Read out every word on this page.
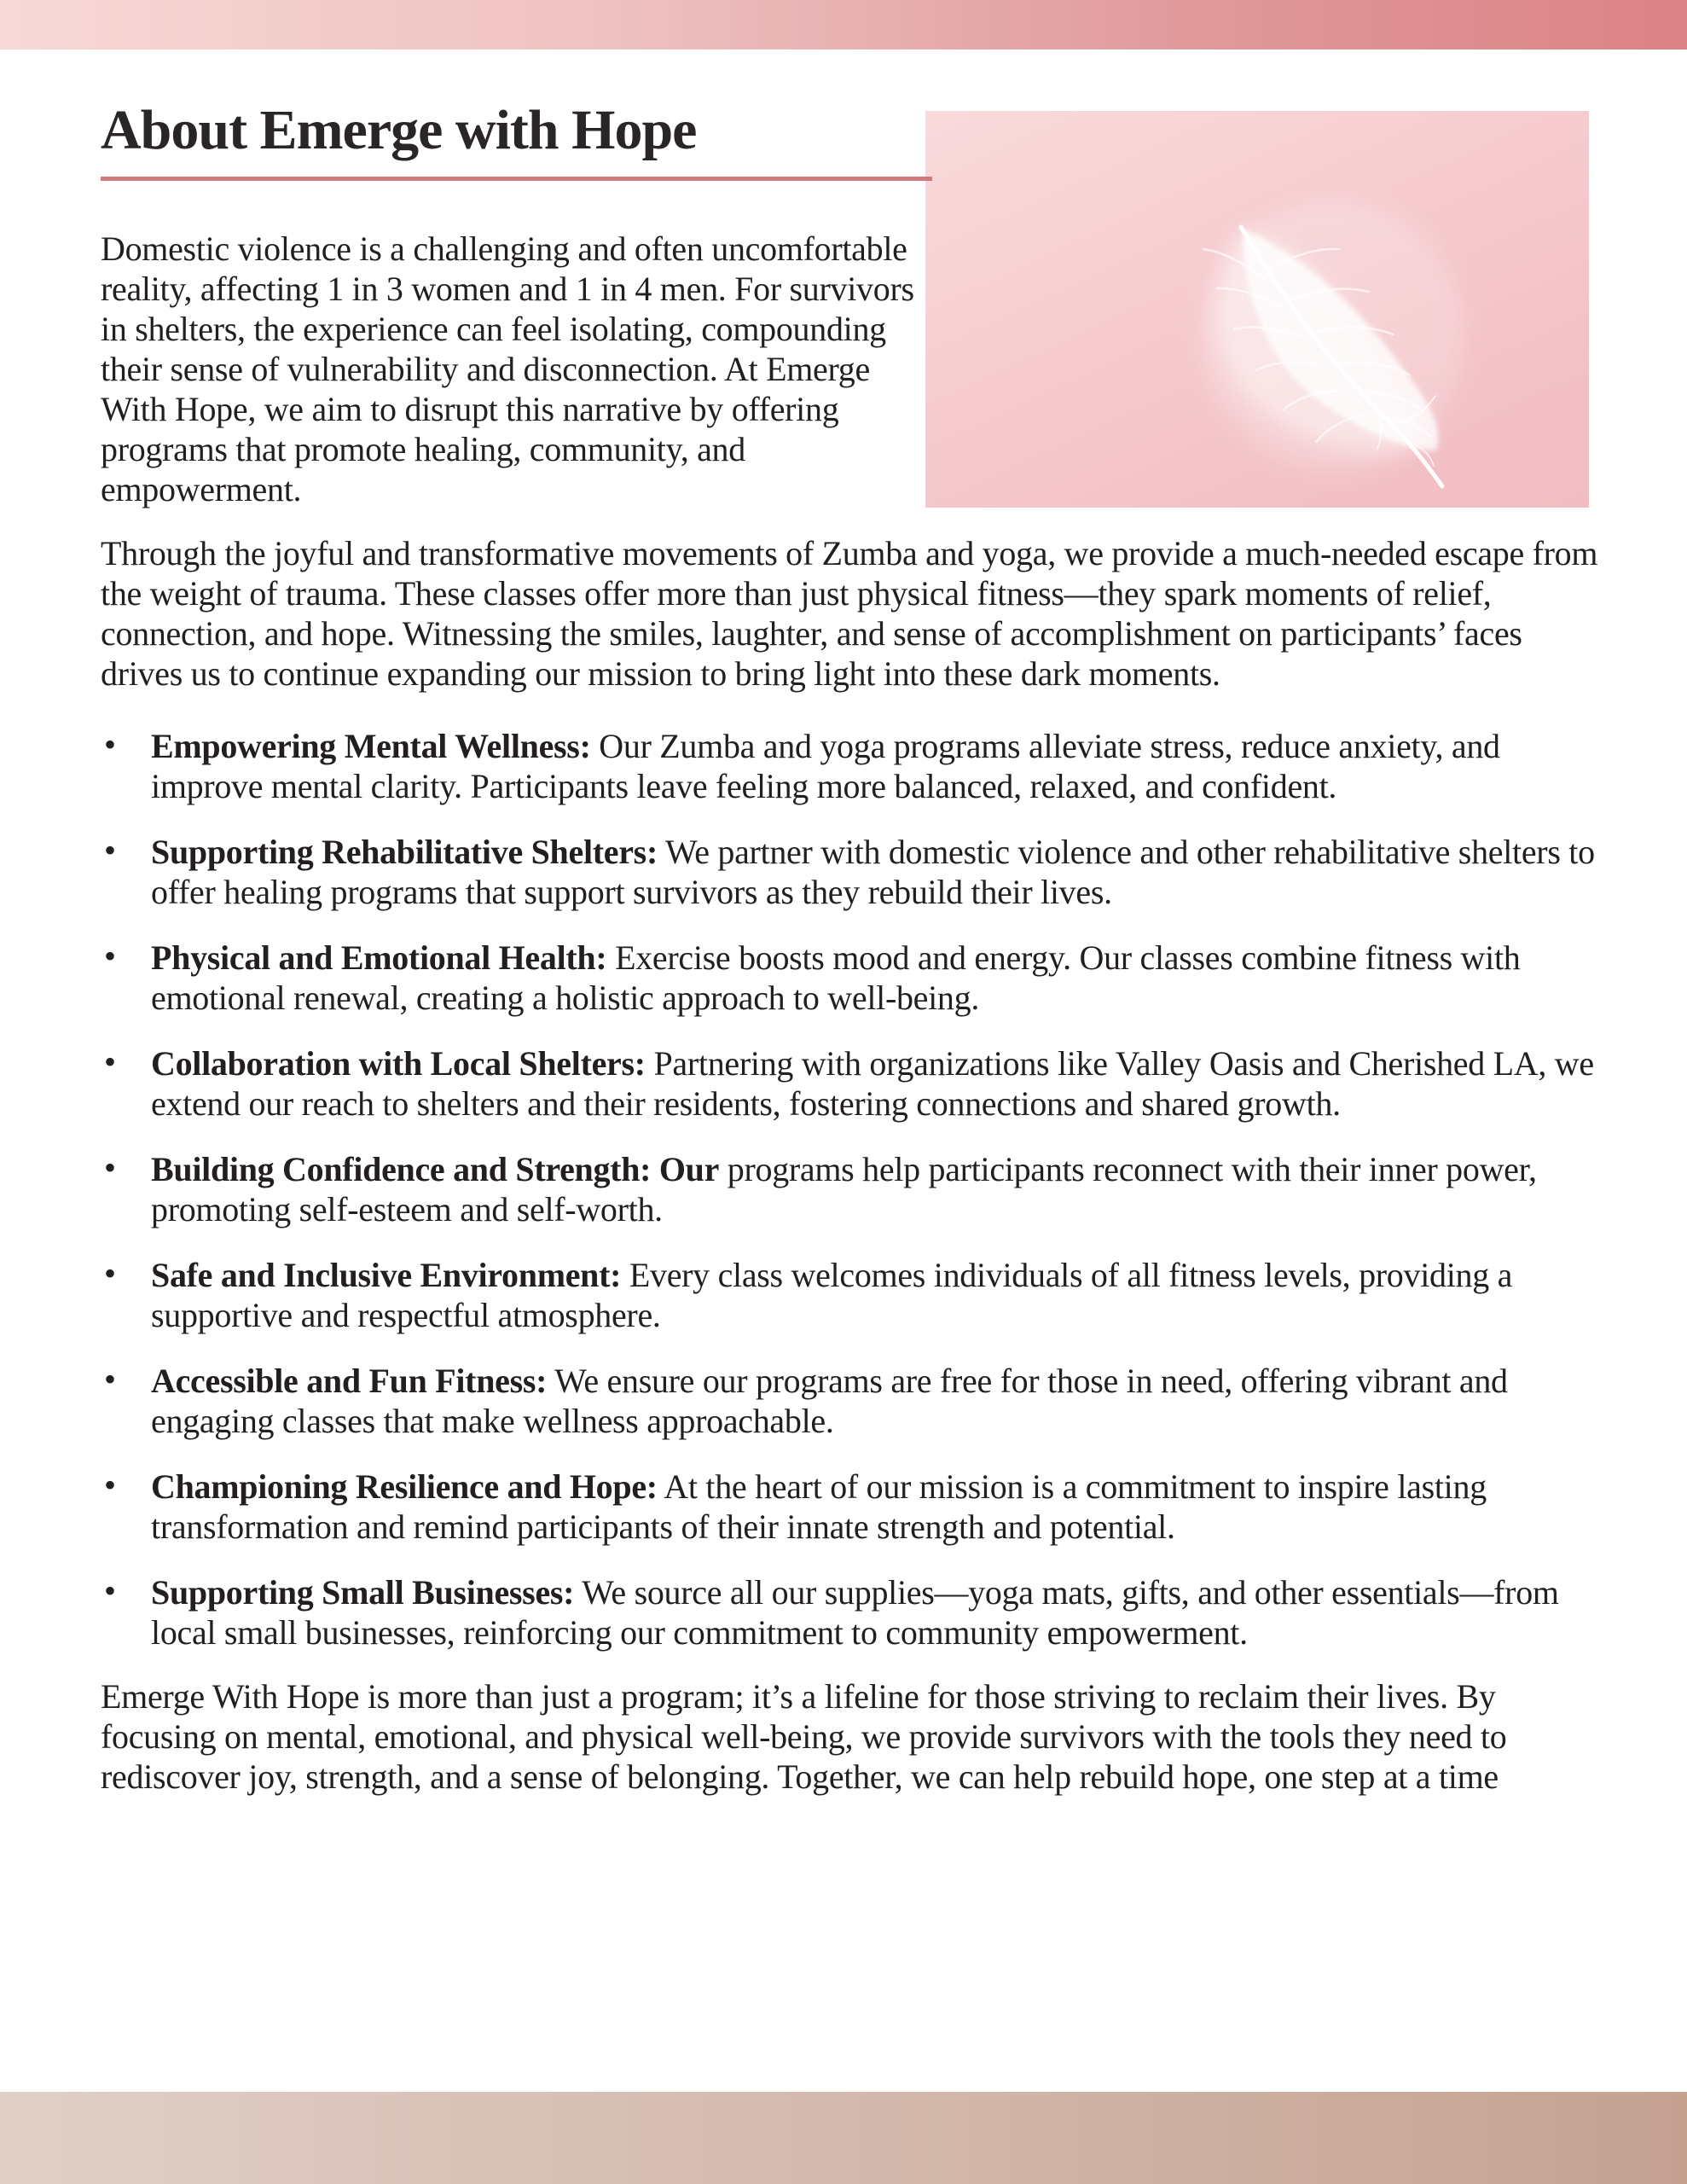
About Emerge with Hope

Domestic violence is a challenging and often uncomfortable reality, affecting 1 in 3 women and 1 in 4 men. For survivors in shelters, the experience can feel isolating, compounding their sense of vulnerability and disconnection. At Emerge With Hope, we aim to disrupt this narrative by offering programs that promote healing, community, and empowerment.

Through the joyful and transformative movements of Zumba and yoga, we provide a much-needed escape from the weight of trauma. These classes offer more than just physical fitness—they spark moments of relief, connection, and hope. Witnessing the smiles, laughter, and sense of accomplishment on participants’ faces drives us to continue expanding our mission to bring light into these dark moments.

• Empowering Mental Wellness: Our Zumba and yoga programs alleviate stress, reduce anxiety, and improve mental clarity. Participants leave feeling more balanced, relaxed, and confident.
• Supporting Rehabilitative Shelters: We partner with domestic violence and other rehabilitative shelters to offer healing programs that support survivors as they rebuild their lives.
• Physical and Emotional Health: Exercise boosts mood and energy. Our classes combine fitness with emotional renewal, creating a holistic approach to well-being.
• Collaboration with Local Shelters: Partnering with organizations like Valley Oasis and Cherished LA, we extend our reach to shelters and their residents, fostering connections and shared growth.
• Building Confidence and Strength: Our programs help participants reconnect with their inner power, promoting self-esteem and self-worth.
• Safe and Inclusive Environment: Every class welcomes individuals of all fitness levels, providing a supportive and respectful atmosphere.
• Accessible and Fun Fitness: We ensure our programs are free for those in need, offering vibrant and engaging classes that make wellness approachable.
• Championing Resilience and Hope: At the heart of our mission is a commitment to inspire lasting transformation and remind participants of their innate strength and potential.
• Supporting Small Businesses: We source all our supplies—yoga mats, gifts, and other essentials—from local small businesses, reinforcing our commitment to community empowerment.

Emerge With Hope is more than just a program; it’s a lifeline for those striving to reclaim their lives. By focusing on mental, emotional, and physical well-being, we provide survivors with the tools they need to rediscover joy, strength, and a sense of belonging. Together, we can help rebuild hope, one step at a time
